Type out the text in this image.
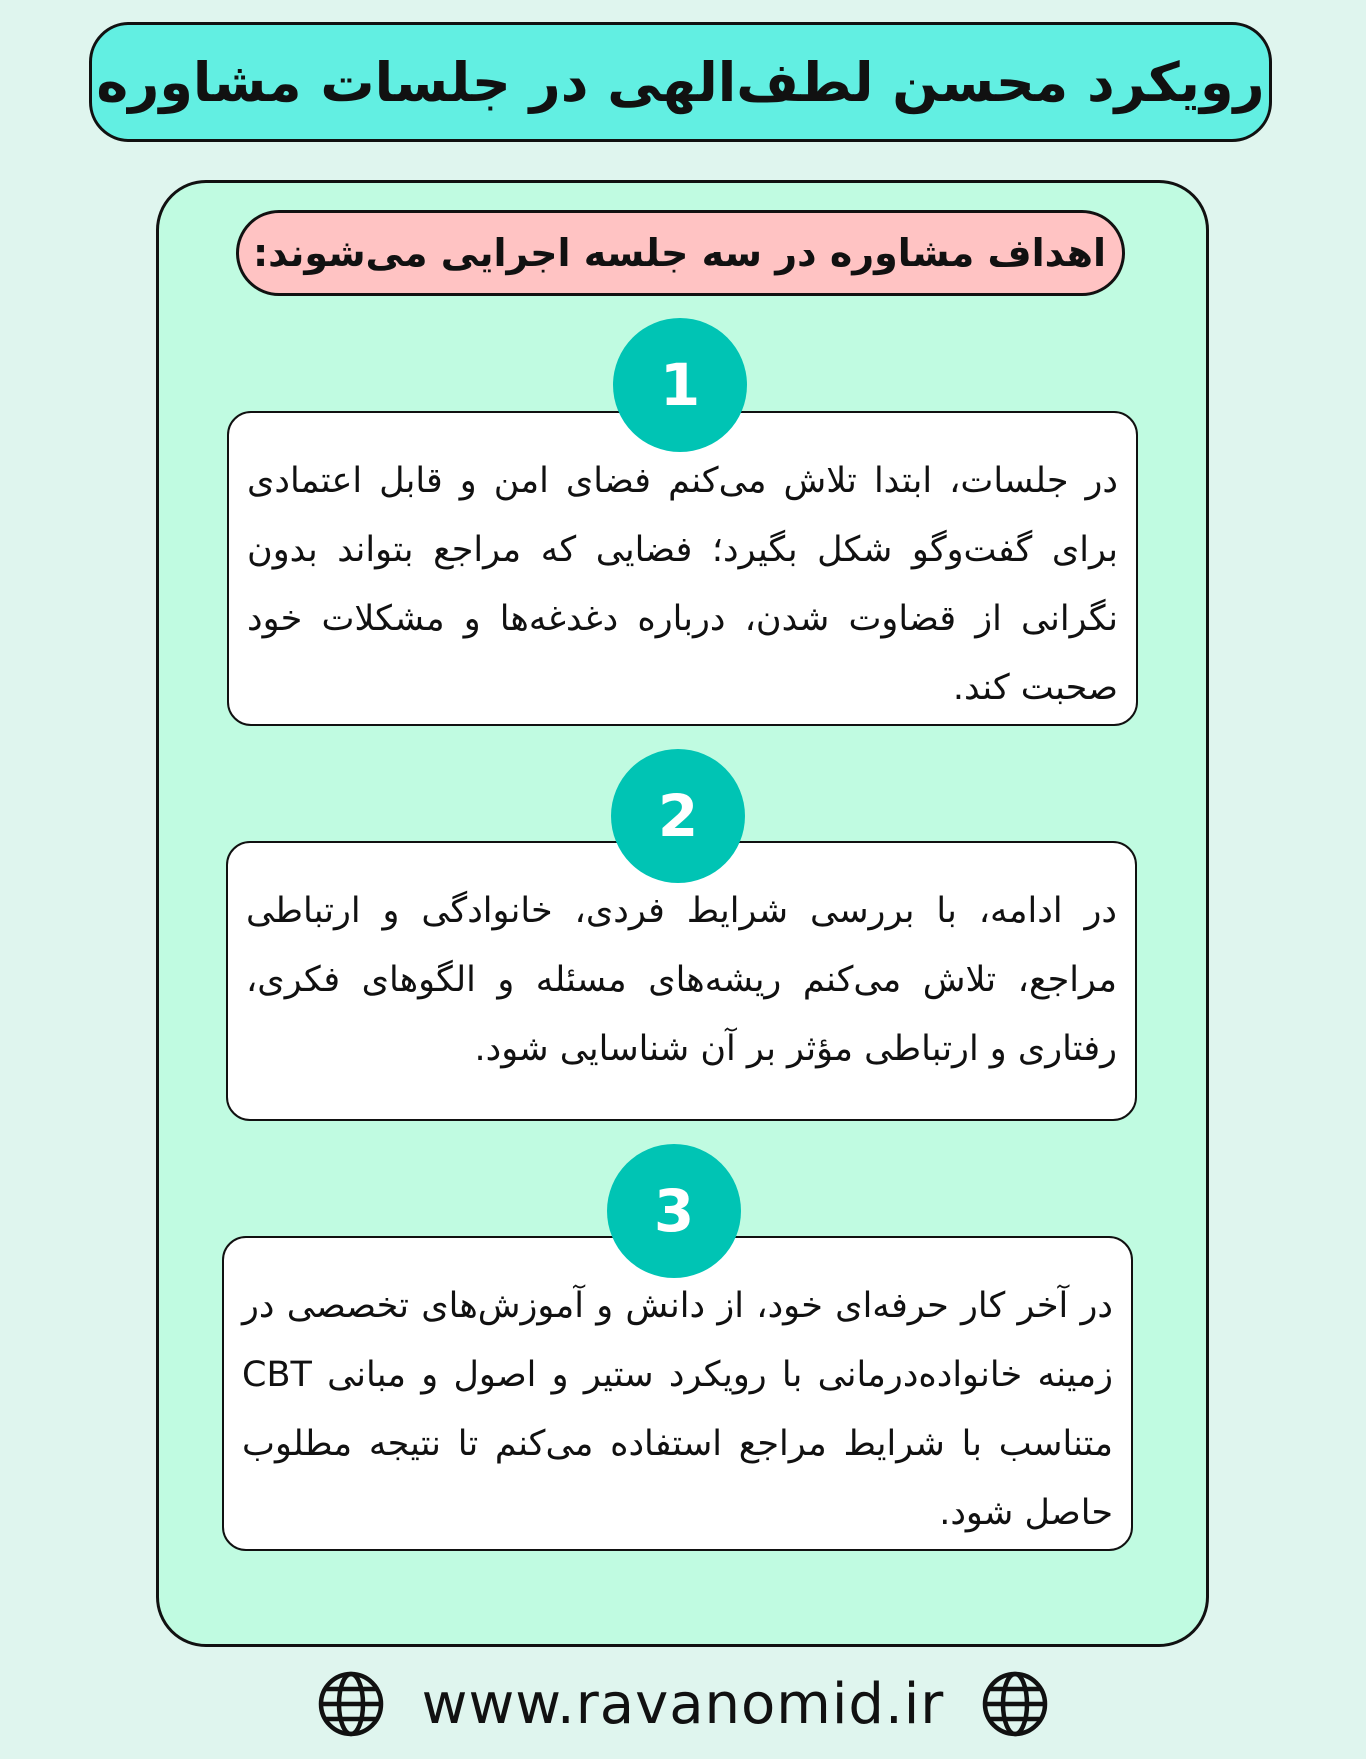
رویکرد محسن لطف‌الهی در جلسات مشاوره
اهداف مشاوره در سه جلسه اجرایی می‌شوند:
در جلسات، ابتدا تلاش می‌کنم فضای امن و قابل اعتمادی برای گفت‌وگو شکل بگیرد؛ فضایی که مراجع بتواند بدون نگرانی از قضاوت شدن، درباره دغدغه‌ها و مشکلات خود صحبت کند.
1
در ادامه، با بررسی شرایط فردی، خانوادگی و ارتباطی مراجع، تلاش می‌کنم ریشه‌های مسئله و الگوهای فکری، رفتاری و ارتباطی مؤثر بر آن شناسایی شود.
2
در آخر کار حرفه‌ای خود، از دانش و آموزش‌های تخصصی در زمینه خانواده‌درمانی با رویکرد ستیر و اصول و مبانی CBT متناسب با شرایط مراجع استفاده می‌کنم تا نتیجه مطلوب حاصل شود.
3
www.ravanomid.ir
